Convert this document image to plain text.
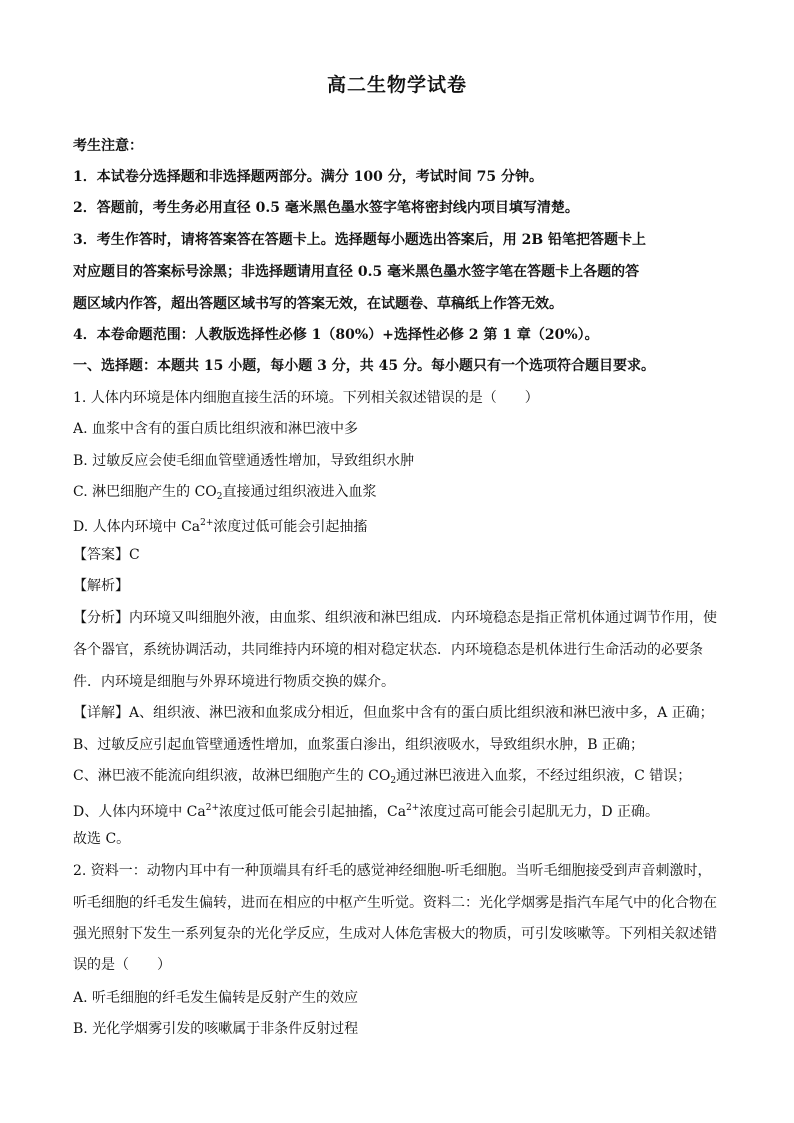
高二生物学试卷
考生注意：
1．本试卷分选择题和非选择题两部分。满分 100 分，考试时间 75 分钟。
2．答题前，考生务必用直径 0.5 毫米黑色墨水签字笔将密封线内项目填写清楚。
3．考生作答时，请将答案答在答题卡上。选择题每小题选出答案后，用 2B 铅笔把答题卡上
对应题目的答案标号涂黑；非选择题请用直径 0.5 毫米黑色墨水签字笔在答题卡上各题的答
题区域内作答，超出答题区域书写的答案无效，在试题卷、草稿纸上作答无效。
4．本卷命题范围：人教版选择性必修 1（80%）+选择性必修 2 第 1 章（20%）。
一、选择题：本题共 15 小题，每小题 3 分，共 45 分。每小题只有一个选项符合题目要求。
1. 人体内环境是体内细胞直接生活的环境。下列相关叙述错误的是（　　）
A. 血浆中含有的蛋白质比组织液和淋巴液中多
B. 过敏反应会使毛细血管壁通透性增加，导致组织水肿
C. 淋巴细胞产生的 $CO_2$直接通过组织液进入血浆
D. 人体内环境中 $Ca^{2+}$浓度过低可能会引起抽搐
【答案】C
【解析】
【分析】内环境又叫细胞外液，由血浆、组织液和淋巴组成．内环境稳态是指正常机体通过调节作用，使
各个器官，系统协调活动，共同维持内环境的相对稳定状态．内环境稳态是机体进行生命活动的必要条
件．内环境是细胞与外界环境进行物质交换的媒介。
【详解】A、组织液、淋巴液和血浆成分相近，但血浆中含有的蛋白质比组织液和淋巴液中多，A 正确；
B、过敏反应引起血管壁通透性增加，血浆蛋白渗出，组织液吸水，导致组织水肿，B 正确；
C、淋巴液不能流向组织液，故淋巴细胞产生的 $CO_2$通过淋巴液进入血浆，不经过组织液，C 错误；
D、人体内环境中 $Ca^{2+}$浓度过低可能会引起抽搐，$Ca^{2+}$浓度过高可能会引起肌无力，D 正确。
故选 C。
2. 资料一：动物内耳中有一种顶端具有纤毛的感觉神经细胞-听毛细胞。当听毛细胞接受到声音刺激时，
听毛细胞的纤毛发生偏转，进而在相应的中枢产生听觉。资料二：光化学烟雾是指汽车尾气中的化合物在
强光照射下发生一系列复杂的光化学反应，生成对人体危害极大的物质，可引发咳嗽等。下列相关叙述错
误的是（　　）
A. 听毛细胞的纤毛发生偏转是反射产生的效应
B. 光化学烟雾引发的咳嗽属于非条件反射过程
